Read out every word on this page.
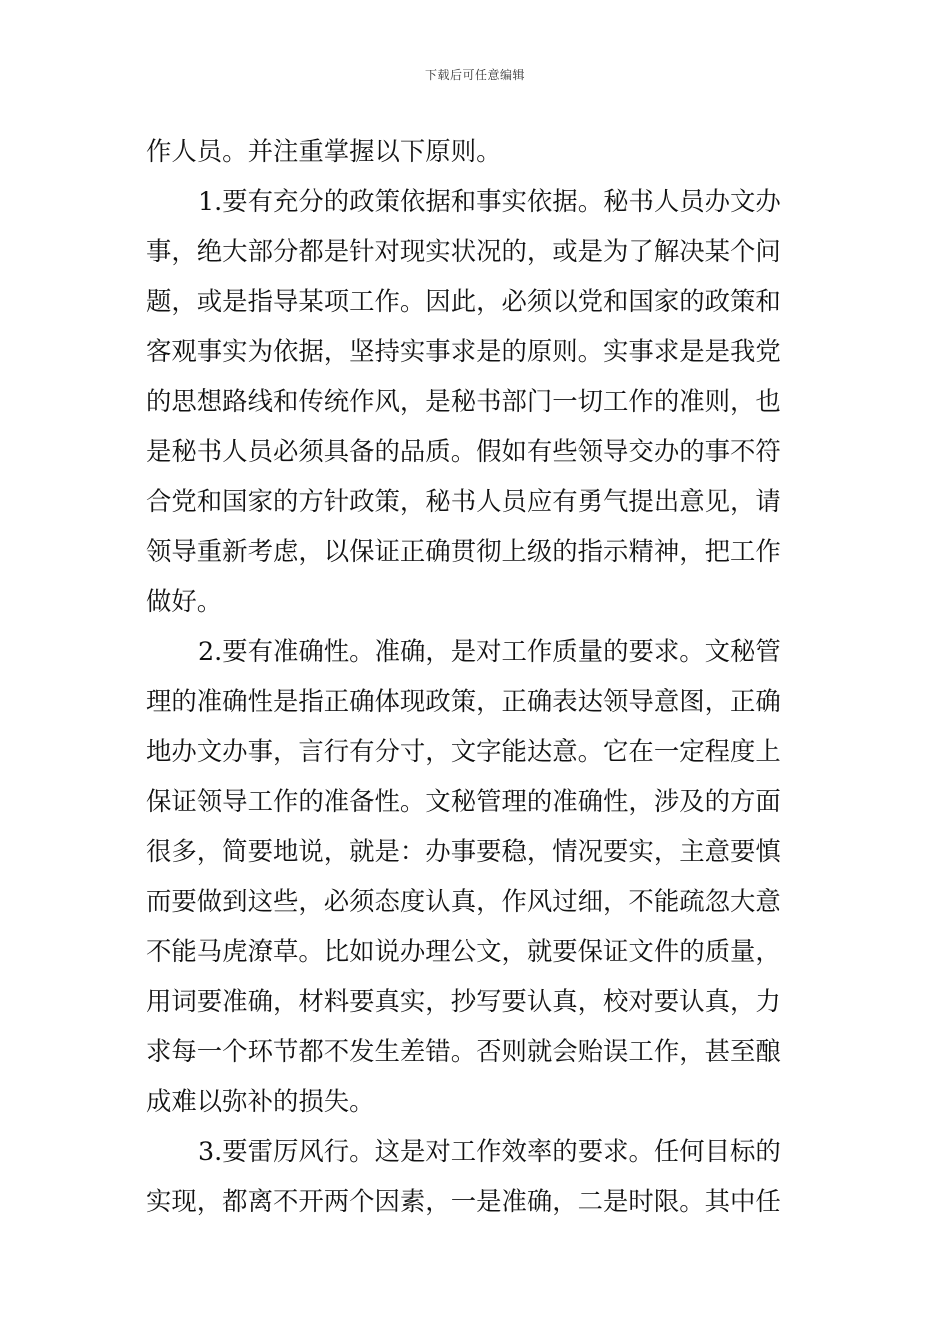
下载后可任意编辑
作人员。并注重掌握以下原则。
1.要有充分的政策依据和事实依据。秘书人员办文办
事，绝大部分都是针对现实状况的，或是为了解决某个问
题，或是指导某项工作。因此，必须以党和国家的政策和
客观事实为依据，坚持实事求是的原则。实事求是是我党
的思想路线和传统作风，是秘书部门一切工作的准则，也
是秘书人员必须具备的品质。假如有些领导交办的事不符
合党和国家的方针政策，秘书人员应有勇气提出意见，请
领导重新考虑，以保证正确贯彻上级的指示精神，把工作
做好。
2.要有准确性。准确，是对工作质量的要求。文秘管
理的准确性是指正确体现政策，正确表达领导意图，正确
地办文办事，言行有分寸，文字能达意。它在一定程度上
保证领导工作的准备性。文秘管理的准确性，涉及的方面
很多，简要地说，就是：办事要稳，情况要实，主意要慎
而要做到这些，必须态度认真，作风过细，不能疏忽大意
不能马虎潦草。比如说办理公文，就要保证文件的质量，
用词要准确，材料要真实，抄写要认真，校对要认真，力
求每一个环节都不发生差错。否则就会贻误工作，甚至酿
成难以弥补的损失。
3.要雷厉风行。这是对工作效率的要求。任何目标的
实现，都离不开两个因素，一是准确，二是时限。其中任
